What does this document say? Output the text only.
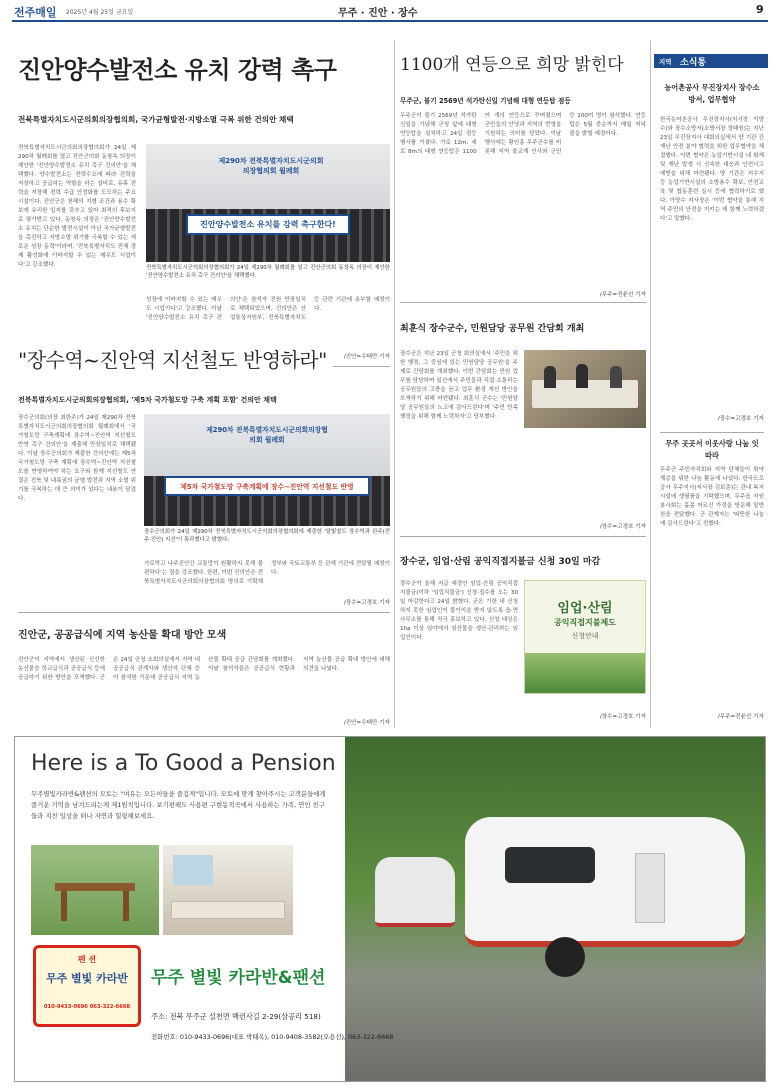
전주매일 2025년 4월 25일 금요일	무주 · 진안 · 장수	9
진안양수발전소 유치 강력 촉구
전북특별자치도시군의회의장협의회, 국가균형발전·지방소멸 극복 위한 건의안 채택
전북특별자치도시군의회의장협의회가 24일 제290차 월례회를 열고 진안군의회 동창옥 의장이 제안한 '진안양수발전소 유치 촉구 건의안'을 채택했다. 양수발전소는 전력수요에 따라 전력을 저장하고 공급하는 역할을 하는 설비로, 유휴 전력을 저장해 전력 수급 안정화를 도모하는 주요 시설이다. 진안군은 천혜의 지형 조건과 용수 확보에 유리한 입지를 갖추고 있어 최적의 후보지로 평가받고 있다. 동창옥 의장은 '진안양수발전소 유치는 단순한 발전시설이 아닌 국가균형발전을 촉진하고 지방소멸 위기를 극복할 수 있는 새로운 성장 동력'이라며, '전북특별자치도 전체 경제 활성화에 이바지할 수 있는 매우도 시업이다'고 강조했다.
제290차 전북특별자치도시군의회의장협의회 월례회
진안양수발전소 유치를 강력 촉구한다!
전북특별자치도시군의회의장협의회가 24일 제290차 월례회를 열고 진안군의회 동창옥 의장이 제안한 '진안양수발전소 유치 촉구 건의안'을 채택했다.
성장에 이바지할 수 있는 매우도 시업이다'고 강조했다. 이날 '진안양수발전소 유치 촉구 건의안'은 참석자 전원 만장일치로 채택되었으며, 건의안은 산업통상자원부, 전북특별자치도 등 관련 기관에 송부할 예정이다.
/진안=우태만 기자
"장수역~진안역 지선철도 반영하라"
전북특별자치도시군의회의장협의회, '제5차 국가철도망 구축 계획 포함' 건의안 채택
장수군의회(의장 최한주)가 24일 제290차 전북특별자치도시군의회의장협의회 월례회에서 '국가철도망 구축계획에 장수역~진안역 지선철도 반영 촉구 건의안'을 제출해 만장일치로 채택됐다. 이날 장수군의회가 제출한 건의안에는 제5차 국가철도망 구축 계획에 장수역~진안역 지선철도를 반영하여야 하는 요구와 함께 지선철도 연결은 전북 및 내륙권의 균형 발전과 지역 소멸 위기를 극복하는 데 큰 의미가 있다는 내용이 담겼다.
제290차 전북특별자치도시군의회의장협의회 월례회
제5차 국가철도망 구축계획에 장수~진안역 지선철도 반영
장수군의회가 24일 제290차 전북특별자치도시군의회의장협의회에 제출한 '달빛철도 장수역과 완주(전주·진안) 지선'이 통과했다고 밝혔다.
가로막고 나주진안간 교통망이 원활하지 못해 불편하다'는 점을 강조했다. 한편, 이번 건의안은 전북특별자치도시군의회의장협의회 명의로 기획재정부와 국토교통부 등 관계 기관에 전달될 예정이다.
/장수=고경호 기자
진안군, 공공급식에 지역 농산물 확대 방안 모색
진안군이 지역에서 생산된 신선한 농산물을 학교급식과 공공급식 등에 공급하기 위한 방안을 모색했다. 군은 24일 군청 소회의실에서 지역 내 공공급식 관계자와 생산자 단체 등이 참석한 가운데 공공급식 지역 농산물 확대 공급 간담회를 개최했다. 이날 참석자들은 공공급식 현황과 지역 농산물 공급 확대 방안에 대해 의견을 나눴다.
/진안=우태만 기자
1100개 연등으로 희망 밝힌다
무주군, 불기 2569년 석가탄신일 기념해 대형 연등탑 점등
무주군이 불기 2569년 석가탄신일을 기념해 군청 앞에 대형 연등탑을 설치하고 24일 점등 행사를 가졌다. 가로 12m, 세로 8m의 대형 연등탑은 1100여 개의 연등으로 꾸며졌으며 군민들의 안녕과 지역의 번영을 기원하는 의미를 담았다. 이날 행사에는 황인홍 무주군수를 비롯해 지역 불교계 인사와 군민 등 100여 명이 참석했다. 연등탑은 5월 중순까지 매일 저녁 불을 밝힐 예정이다.
/무주=전윤선 기자
최훈식 장수군수, 민원담당 공무원 간담회 개최
장수군은 지난 23일 군청 회의실에서 '주민을 위한 행정, 그 중심에 있는 민원담당 공무원'을 주제로 간담회를 개최했다. 이번 간담회는 민원 업무를 담당하며 일선에서 주민들과 직접 소통하는 공무원들의 고충을 듣고 업무 환경 개선 방안을 모색하기 위해 마련됐다. 최훈식 군수는 '민원담당 공무원들의 노고에 감사드린다'며 '주민 만족 행정을 위해 함께 노력하자'고 당부했다.
/장수=고경호 기자
장수군, 임업·산림 공익직접지불금 신청 30일 마감
장수군이 올해 지급 예정인 임업·산림 공익직접지불금(이하 '임업직불금') 신청·접수를 오는 30일 마감한다고 24일 밝혔다. 군은 기한 내 신청하지 못한 임업인이 불이익을 받지 않도록 읍·면사무소를 통해 적극 홍보하고 있다. 신청 대상은 1ha 이상 임야에서 임산물을 생산·관리하는 임업인이다.
임업·산림
공익직접지불제도
신청안내
/장수=고경호 기자
지역 소식통
농어촌공사 무진장지사 장수소방서, 업무협약
한국농어촌공사 무진장지사(지사장 이양수)와 장수소방서(소방서장 정태원)는 지난 23일 무진장지사 대회의실에서 양 기관 간 재난 안전 분야 협력을 위한 업무협약을 체결했다. 이번 협약은 농업기반시설 내 화재 및 재난 발생 시 신속한 대응과 안전사고 예방을 위해 마련됐다. 양 기관은 저수지 등 농업기반시설의 소방용수 확보, 안전교육 및 합동훈련 실시 등에 협력하기로 했다. 이양수 지사장은 '이번 협약을 통해 지역 주민의 안전을 지키는 데 함께 노력하겠다'고 말했다.
/장수=고경호 기자
무주 곳곳서 이웃사랑 나눔 잇따라
무주군 주민자치회와 지역 단체들이 취약계층을 위한 나눔 활동에 나섰다. 한국도로공사 무주지사(지사장 김보준)는 관내 복지시설에 생필품을 기탁했으며, 무주읍 자원봉사회는 홀몸 어르신 가정을 방문해 밑반찬을 전달했다. 군 관계자는 '따뜻한 나눔에 감사드린다'고 전했다.
/무주=전윤선 기자
Here is a To Good a Pension
무주별빛카라반&팬션의 모토는 "여유는 모든이들을 즐겁게"입니다. 모토에 맞게 찾아주시는 고객분들에게 즐거운 기억을 남겨드리는게 제1원칙입니다. 보기편해도 사용편 구현동적곡에서 사용하는 가족, 연인 친구들과 지친 일상을 떠나 자연과 힐링해보세요.
펜 션
무주 별빛 카라반
010-9433-0696 063-322-6668
무주 별빛 카라반&팬션
주소: 전북 무주군 설천면 백련사길 2-29(삼공리 518)
전화번호: 010-9433-0696(대표 박태옥), 010-9408-3582(오용선), 063-322-6668
